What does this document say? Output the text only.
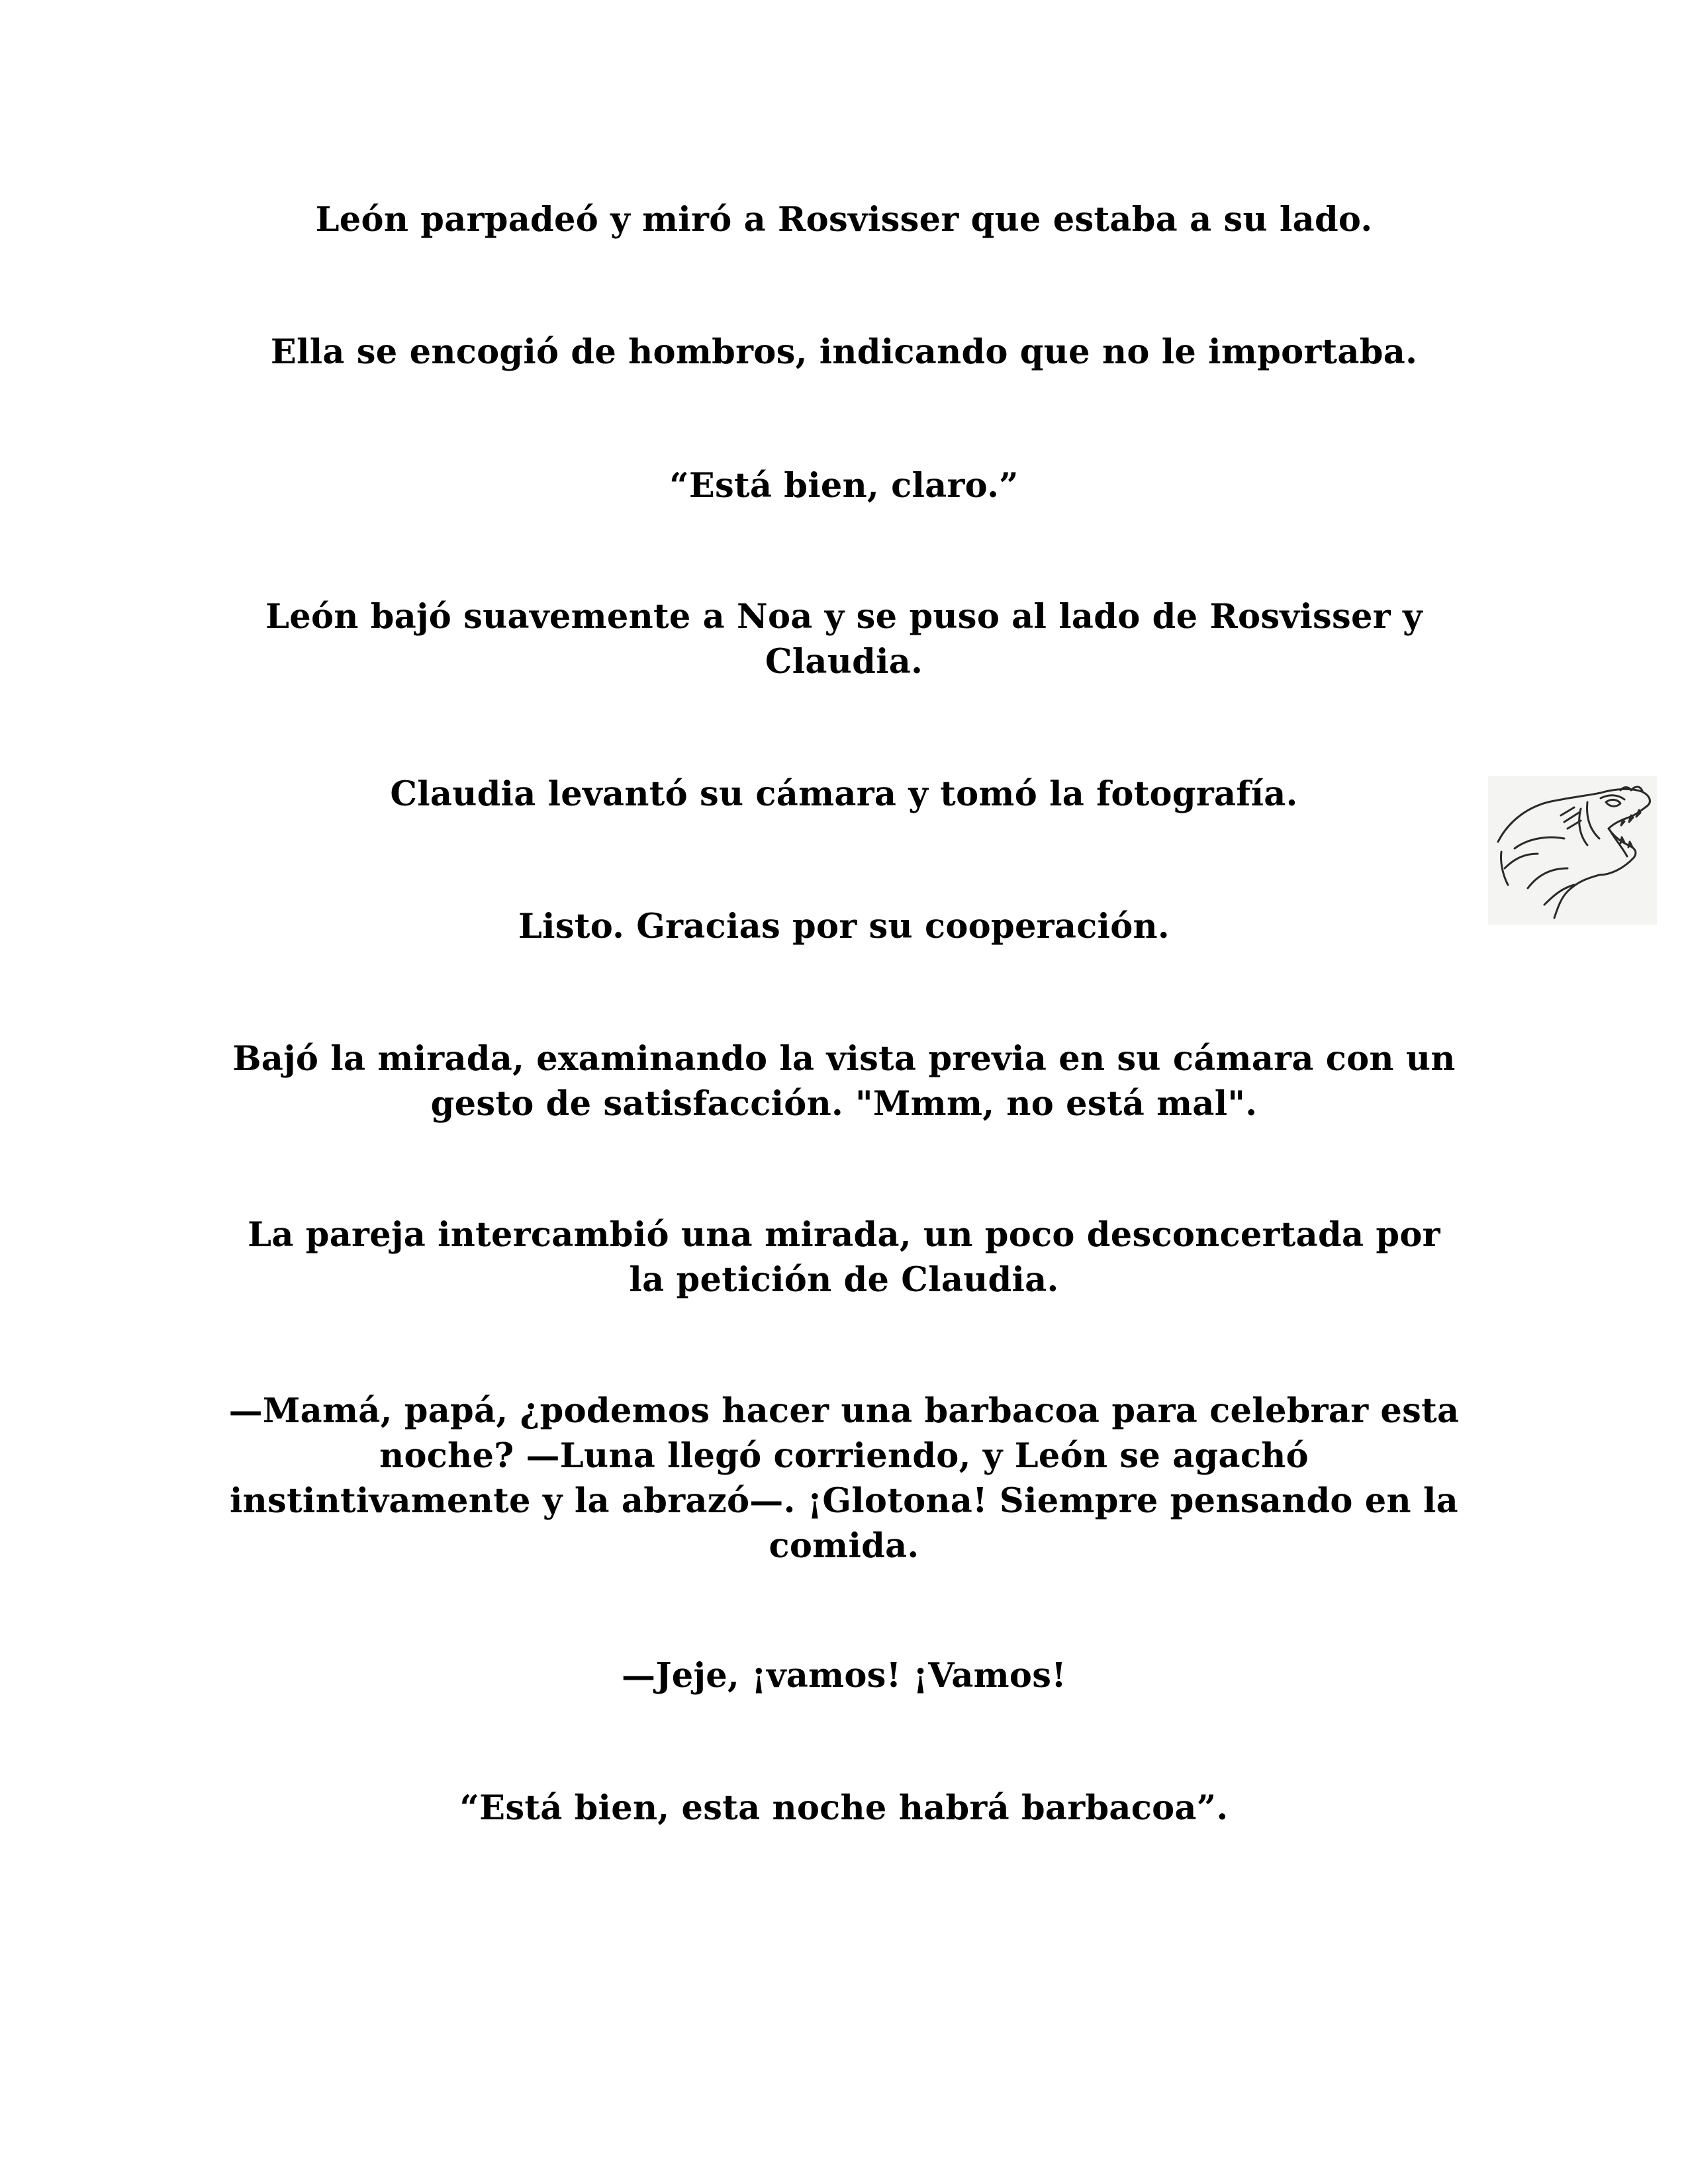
León parpadeó y miró a Rosvisser que estaba a su lado.

Ella se encogió de hombros, indicando que no le importaba.

“Está bien, claro.”

León bajó suavemente a Noa y se puso al lado de Rosvisser y Claudia.

Claudia levantó su cámara y tomó la fotografía.

Listo. Gracias por su cooperación.

Bajó la mirada, examinando la vista previa en su cámara con un gesto de satisfacción. "Mmm, no está mal".

La pareja intercambió una mirada, un poco desconcertada por la petición de Claudia.

—Mamá, papá, ¿podemos hacer una barbacoa para celebrar esta noche? —Luna llegó corriendo, y León se agachó instintivamente y la abrazó—. ¡Glotona! Siempre pensando en la comida.

—Jeje, ¡vamos! ¡Vamos!

“Está bien, esta noche habrá barbacoa”.
